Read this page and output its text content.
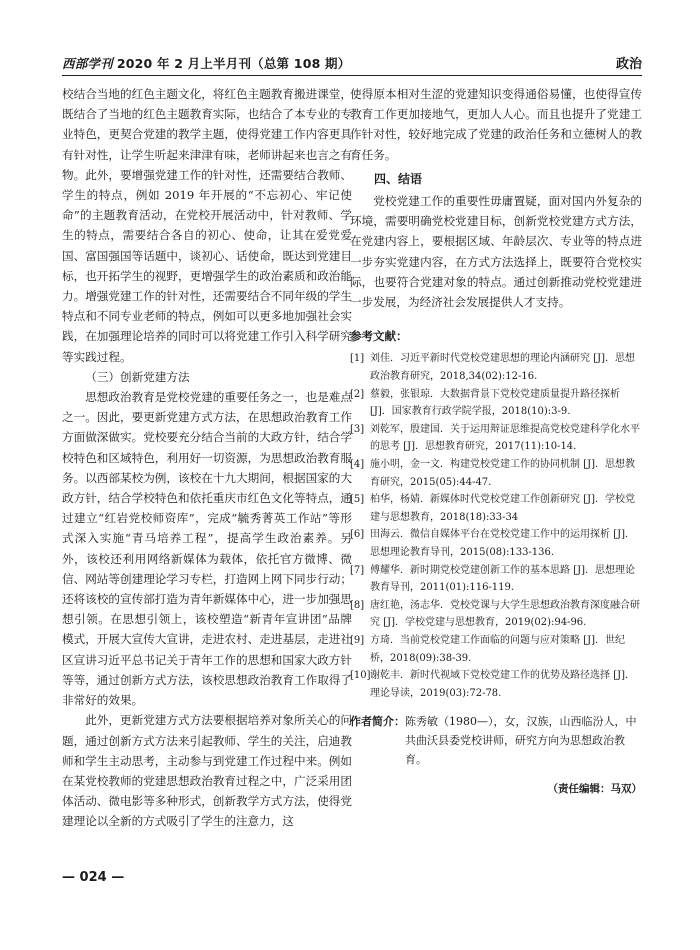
西部学刊 2020 年 2 月上半月刊（总第 108 期）	政治

校结合当地的红色主题文化，将红色主题教育搬进课堂，既结合了当地的红色主题教育实际，也结合了本专业的专业特色，更契合党建的教学主题，使得党建工作内容更具有针对性，让学生听起来津津有味，老师讲起来也言之有物。此外，要增强党建工作的针对性，还需要结合教师、学生的特点，例如 2019 年开展的“不忘初心、牢记使命”的主题教育活动，在党校开展活动中，针对教师、学生的特点，需要结合各自的初心、使命，让其在爱党爱国、富国强国等话题中，谈初心、话使命，既达到党建目标，也开拓学生的视野，更增强学生的政治素质和政治能力。增强党建工作的针对性，还需要结合不同年级的学生特点和不同专业老师的特点，例如可以更多地加强社会实践，在加强理论培养的同时可以将党建工作引入科学研究等实践过程。

（三）创新党建方法

思想政治教育是党校党建的重要任务之一，也是难点之一。因此，要更新党建方式方法，在思想政治教育工作方面做深做实。党校要充分结合当前的大政方针，结合学校特色和区域特色，利用好一切资源，为思想政治教育服务。以西部某校为例，该校在十九大期间，根据国家的大政方针，结合学校特色和依托重庆市红色文化等特点，通过建立“红岩党校师资库”，完成“毓秀菁英工作站”等形式深入实施“青马培养工程”，提高学生政治素养。另外，该校还利用网络新媒体为载体，依托官方微博、微信、网站等创建理论学习专栏，打造网上网下同步行动；还将该校的宣传部打造为青年新媒体中心，进一步加强思想引领。在思想引领上，该校塑造“新青年宣讲团”品牌模式，开展大宣传大宣讲，走进农村、走进基层，走进社区宣讲习近平总书记关于青年工作的思想和国家大政方针等等，通过创新方式方法，该校思想政治教育工作取得了非常好的效果。

此外，更新党建方式方法要根据培养对象所关心的问题，通过创新方式方法来引起教师、学生的关注，启迪教师和学生主动思考，主动参与到党建工作过程中来。例如在某党校教师的党建思想政治教育过程之中，广泛采用团体活动、微电影等多种形式，创新教学方式方法，使得党建理论以全新的方式吸引了学生的注意力，这

使得原本相对生涩的党建知识变得通俗易懂，也使得宣传教育工作更加接地气，更加人人心。而且也提升了党建工作针对性，较好地完成了党建的政治任务和立德树人的教育任务。

四、结语

党校党建工作的重要性毋庸置疑，面对国内外复杂的环境，需要明确党校党建目标，创新党校党建方式方法，在党建内容上，要根据区域、年龄层次、专业等的特点进一步夯实党建内容，在方式方法选择上，既要符合党校实际，也要符合党建对象的特点。通过创新推动党校党建进一步发展，为经济社会发展提供人才支持。

参考文献：
[1] 刘佳．习近平新时代党校党建思想的理论内涵研究 [J]．思想政治教育研究，2018,34(02):12-16.
[2] 蔡毅，张银琼．大数据背景下党校党建质量提升路径探析 [J]．国家教育行政学院学报，2018(10):3-9.
[3] 刘乾军，殷建国．关于运用辩证思维提高党校党建科学化水平的思考 [J]．思想教育研究，2017(11):10-14.
[4] 施小明，金一文．构建党校党建工作的协同机制 [J]．思想教育研究，2015(05):44-47.
[5] 柏华，杨婧．新媒体时代党校党建工作创新研究 [J]．学校党建与思想教育，2018(18):33-34
[6] 田海云．微信自媒体平台在党校党建工作中的运用探析 [J]．思想理论教育导刊，2015(08):133-136.
[7] 傅耀华．新时期党校党建创新工作的基本思路 [J]．思想理论教育导刊，2011(01):116-119.
[8] 唐红艳，汤志华．党校党课与大学生思想政治教育深度融合研究 [J]．学校党建与思想教育，2019(02):94-96.
[9] 方琦．当前党校党建工作面临的问题与应对策略 [J]．世纪桥，2018(09):38-39.
[10] 谢乾丰．新时代视域下党校党建工作的优势及路径选择 [J]．理论导读，2019(03):72-78.
作者简介： 陈秀敏（1980—），女，汉族，山西临汾人，中共曲沃县委党校讲师，研究方向为思想政治教育。
（责任编辑：马双）
— 024 —
